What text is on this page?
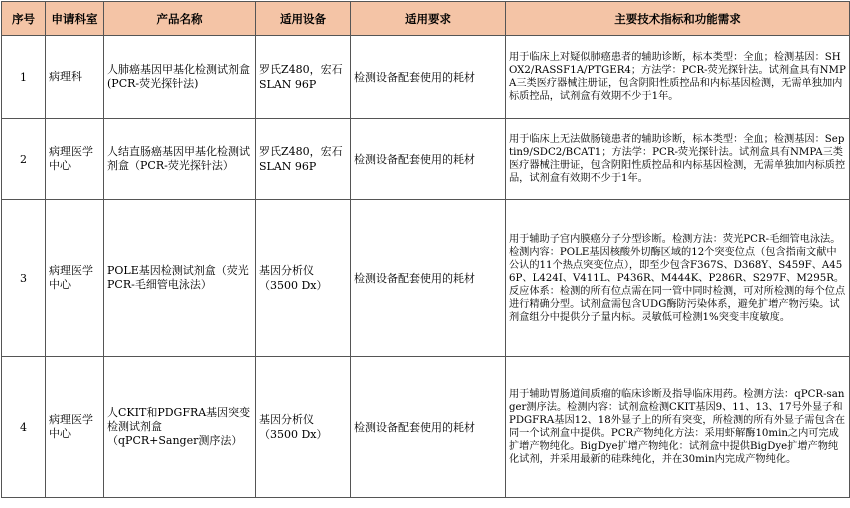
序号	申请科室	产品名称	适用设备	适用要求	主要技术指标和功能需求
1	病理科	人肺癌基因甲基化检测试剂盒(PCR-荧光探针法)	罗氏Z480，宏石SLAN 96P	检测设备配套使用的耗材	用于临床上对疑似肺癌患者的辅助诊断，标本类型：全血；检测基因：SHOX2/RASSF1A/PTGER4；方法学：PCR-荧光探针法。试剂盒具有NMPA三类医疗器械注册证，包含阴阳性质控品和内标基因检测，无需单独加内标质控品，试剂盒有效期不少于1年。
2	病理医学中心	人结直肠癌基因甲基化检测试剂盒（PCR-荧光探针法）	罗氏Z480，宏石SLAN 96P	检测设备配套使用的耗材	用于临床上无法做肠镜患者的辅助诊断，标本类型：全血；检测基因：Septin9/SDC2/BCAT1；方法学：PCR-荧光探针法。试剂盒具有NMPA三类医疗器械注册证，包含阴阳性质控品和内标基因检测，无需单独加内标质控品，试剂盒有效期不少于1年。
3	病理医学中心	POLE基因检测试剂盒（荧光PCR-毛细管电泳法）	基因分析仪（3500 Dx）	检测设备配套使用的耗材	用于辅助子宫内膜癌分子分型诊断。检测方法：荧光PCR-毛细管电泳法。检测内容：POLE基因核酸外切酶区域的12个突变位点（包含指南文献中公认的11个热点突变位点），即至少包含F367S、D368Y、S459F、A456P、L424I、V411L、P436R、M444K、P286R、S297F、M295R。反应体系：检测的所有位点需在同一管中同时检测，可对所检测的每个位点进行精确分型。试剂盒需包含UDG酶防污染体系，避免扩增产物污染。试剂盒组分中提供分子量内标。灵敏低可检测1%突变丰度敏度。
4	病理医学中心	人CKIT和PDGFRA基因突变检测试剂盒（qPCR+Sanger测序法）	基因分析仪（3500 Dx）	检测设备配套使用的耗材	用于辅助胃肠道间质瘤的临床诊断及指导临床用药。检测方法：qPCR-sanger测序法。检测内容：试剂盒检测CKIT基因9、11、13、17号外显子和PDGFRA基因12、18外显子上的所有突变，所检测的所有外显子需包含在同一个试剂盒中提供。PCR产物纯化方法：采用虾解酶10min之内可完成扩增产物纯化。BigDye扩增产物纯化：试剂盒中提供BigDye扩增产物纯化试剂，并采用最新的硅珠纯化，并在30min内完成产物纯化。
